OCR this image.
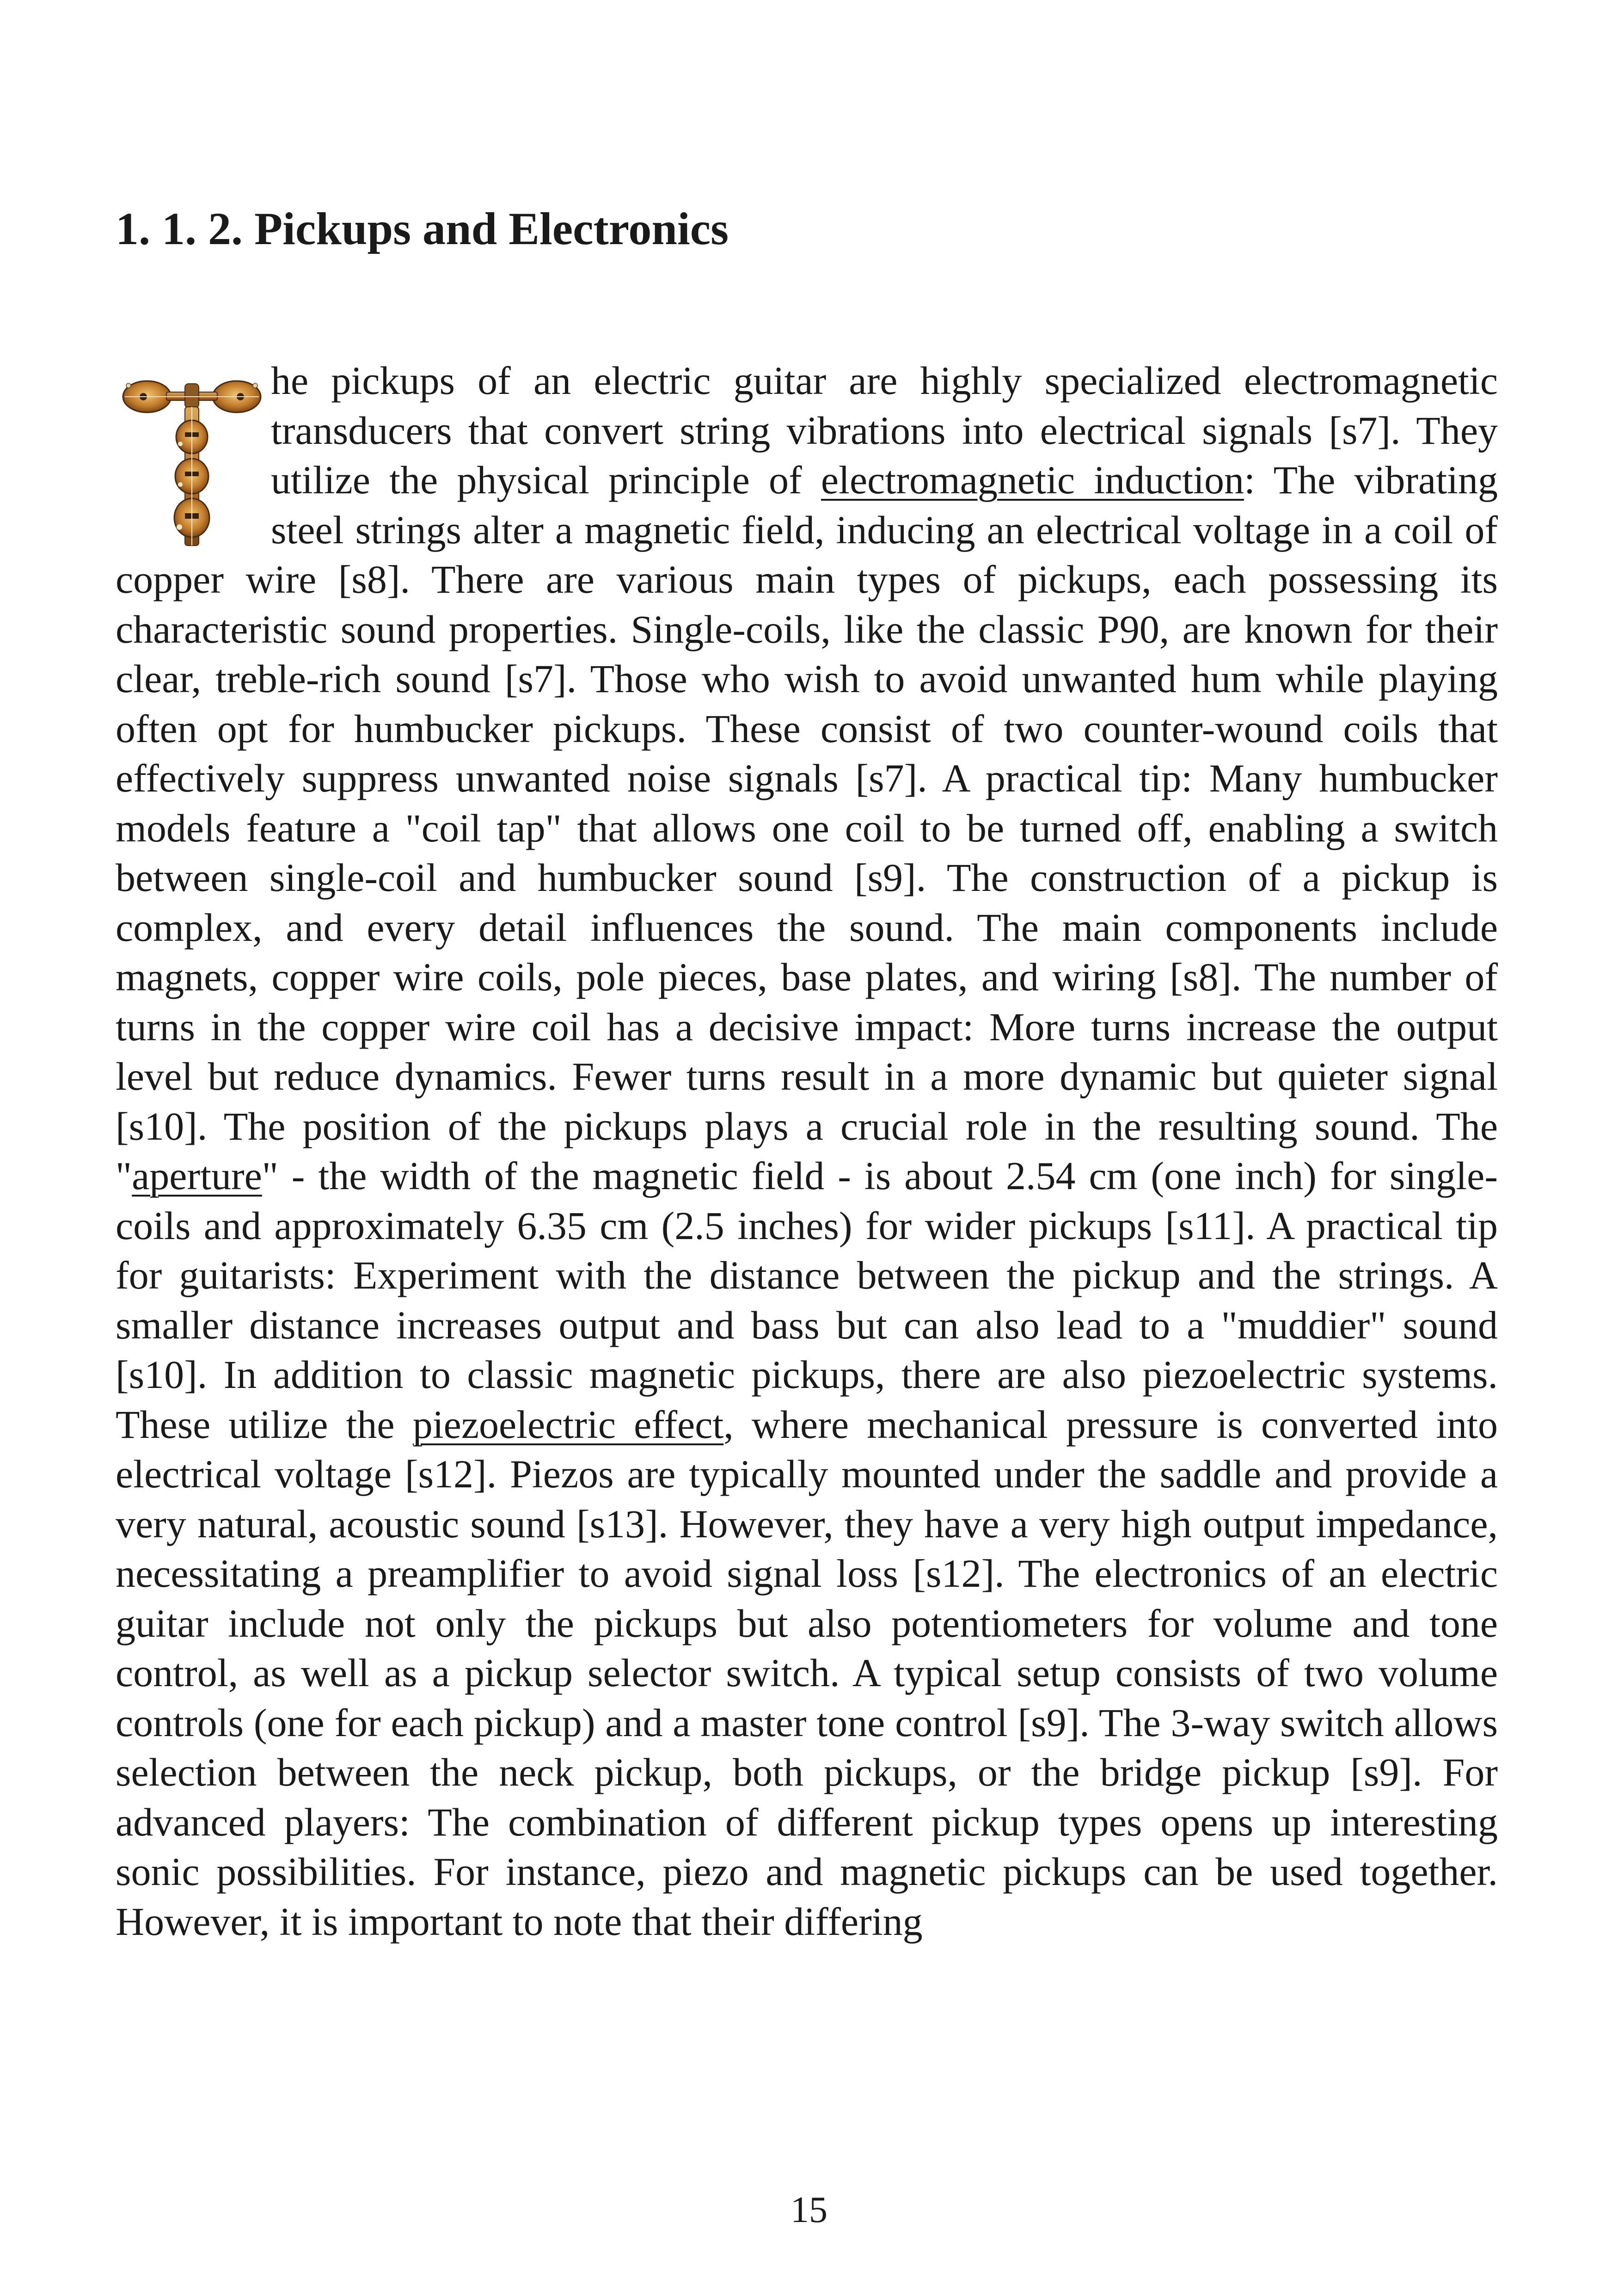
1. 1. 2. Pickups and Electronics

he pickups of an electric guitar are highly specialized electromagnetic transducers that convert string vibrations into electrical signals [s7]. They utilize the physical principle of electromagnetic induction: The vibrating steel strings alter a magnetic field, inducing an electrical voltage in a coil of copper wire [s8]. There are various main types of pickups, each possessing its characteristic sound properties. Single-coils, like the classic P90, are known for their clear, treble-rich sound [s7]. Those who wish to avoid unwanted hum while playing often opt for humbucker pickups. These consist of two counter-wound coils that effectively suppress unwanted noise signals [s7]. A practical tip: Many humbucker models feature a "coil tap" that allows one coil to be turned off, enabling a switch between single-coil and humbucker sound [s9]. The construction of a pickup is complex, and every detail influences the sound. The main components include magnets, copper wire coils, pole pieces, base plates, and wiring [s8]. The number of turns in the copper wire coil has a decisive impact: More turns increase the output level but reduce dynamics. Fewer turns result in a more dynamic but quieter signal [s10]. The position of the pickups plays a crucial role in the resulting sound. The "aperture" - the width of the magnetic field - is about 2.54 cm (one inch) for single-coils and approximately 6.35 cm (2.5 inches) for wider pickups [s11]. A practical tip for guitarists: Experiment with the distance between the pickup and the strings. A smaller distance increases output and bass but can also lead to a "muddier" sound [s10]. In addition to classic magnetic pickups, there are also piezoelectric systems. These utilize the piezoelectric effect, where mechanical pressure is converted into electrical voltage [s12]. Piezos are typically mounted under the saddle and provide a very natural, acoustic sound [s13]. However, they have a very high output impedance, necessitating a preamplifier to avoid signal loss [s12]. The electronics of an electric guitar include not only the pickups but also potentiometers for volume and tone control, as well as a pickup selector switch. A typical setup consists of two volume controls (one for each pickup) and a master tone control [s9]. The 3-way switch allows selection between the neck pickup, both pickups, or the bridge pickup [s9]. For advanced players: The combination of different pickup types opens up interesting sonic possibilities. For instance, piezo and magnetic pickups can be used together. However, it is important to note that their differing

15
